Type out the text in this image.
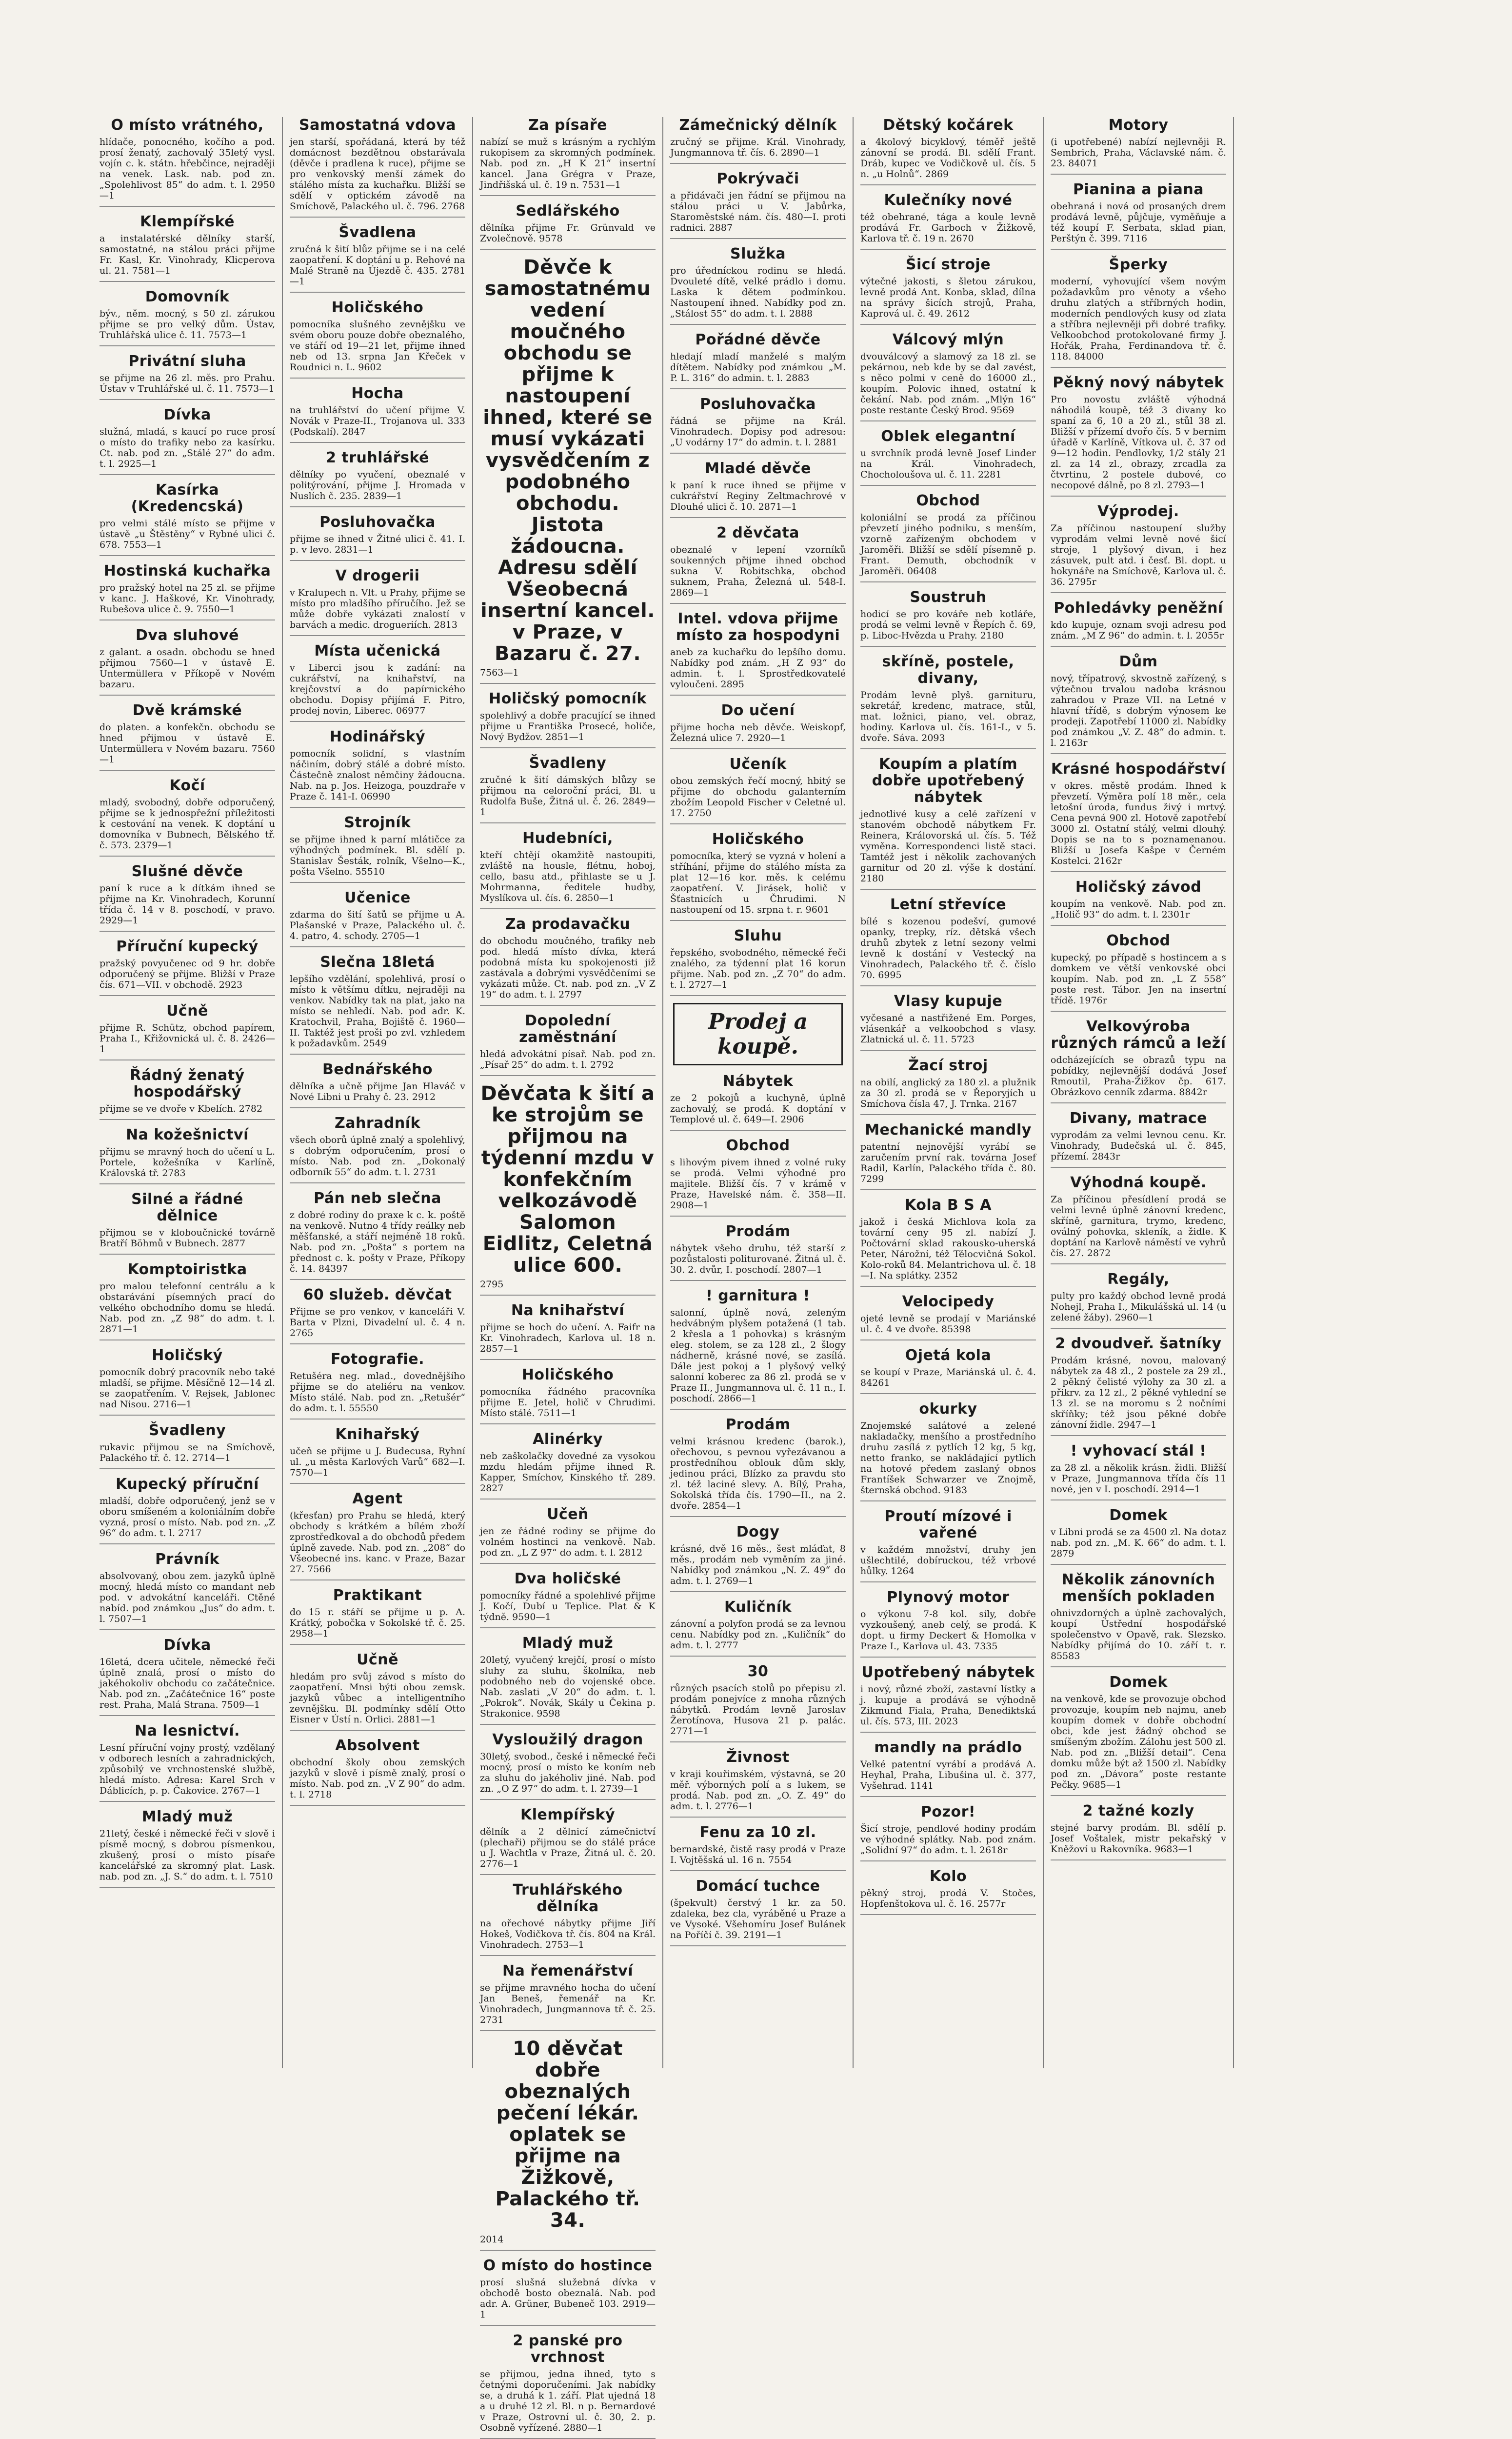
O místo vrátného,

hlídače, ponocného, kočího a pod. prosí ženatý, zachovalý 35letý vysl. vojín c. k. státn. hřebčince, nejraději na venek. Lask. nab. pod zn. „Spolehlivost 85“ do adm. t. l. 2950—1

Klempířské

a instalatérské dělníky starší, samostatné, na stálou práci přijme Fr. Kasl, Kr. Vinohrady, Klicperova ul. 21. 7581—1

Domovník

býv., něm. mocný, s 50 zl. zárukou přijme se pro velký dům. Ústav, Truhlářská ulice č. 11. 7573—1

Privátní sluha

se přijme na 26 zl. měs. pro Prahu. Ústav v Truhlářské ul. č. 11. 7573—1

Dívka

služná, mladá, s kaucí po ruce prosí o místo do trafiky nebo za kasírku. Ct. nab. pod zn. „Stálé 27“ do adm. t. l. 2925—1

Kasírka (Kredencská)

pro velmi stálé místo se přijme v ústavě „u Štěstěny“ v Rybné ulici č. 678. 7553—1

Hostinská kuchařka

pro pražský hotel na 25 zl. se přijme v kanc. J. Haškové, Kr. Vinohrady, Rubešova ulice č. 9. 7550—1

Dva sluhové

z galant. a osadn. obchodu se hned přijmou 7560—1 v ústavě E. Untermüllera v Příkopě v Novém bazaru.

Dvě krámské

do platen. a konfekčn. obchodu se hned přijmou v ústavě E. Untermüllera v Novém bazaru. 7560—1

Kočí

mladý, svobodný, dobře odporučený, přijme se k jednospřežní příležitosti k cestování na venek. K doptání u domovníka v Bubnech, Bělského tř. č. 573. 2379—1

Slušné děvče

paní k ruce a k dítkám ihned se přijme na Kr. Vinohradech, Korunní třída č. 14 v 8. poschodí, v pravo. 2929—1

Příruční kupecký

pražský povyučenec od 9 hr. dobře odporučený se přijme. Bližší v Praze čís. 671—VII. v obchodě. 2923

Učně

přijme R. Schütz, obchod papírem, Praha I., Křižovnická ul. č. 8. 2426—1

Řádný ženatý hospodářský

přijme se ve dvoře v Kbelích. 2782

Na kožešnictví

přijmu se mravný hoch do učení u L. Portele, kožešníka v Karlíně, Královská tř. 2783

Silné a řádné dělnice

přijmou se v kloboučnické továrně Bratří Böhmů v Bubnech. 2877

Komptoiristka

pro malou telefonní centrálu a k obstarávání písemných prací do velkého obchodního domu se hledá. Nab. pod zn. „Z 98“ do adm. t. l. 2871—1

Holičský

pomocník dobrý pracovník nebo také mladší, se přijme. Měsíčně 12—14 zl. se zaopatřením. V. Rejsek, Jablonec nad Nisou. 2716—1

Švadleny

rukavic přijmou se na Smíchově, Palackého tř. č. 12. 2714—1

Kupecký příruční

mladší, dobře odporučený, jenž se v oboru smíšeném a koloniálním dobře vyzná, prosí o místo. Nab. pod zn. „Z 96“ do adm. t. l. 2717

Právník

absolvovaný, obou zem. jazyků úplně mocný, hledá místo co mandant neb pod. v advokátní kanceláři. Ctěné nabíd. pod známkou „Jus“ do adm. t. l. 7507—1

Dívka

16letá, dcera učitele, německé řeči úplně znalá, prosí o místo do jakéhokoliv obchodu co začátečnice. Nab. pod zn. „Začátečnice 16“ poste rest. Praha, Malá Strana. 7509—1

Na lesnictví.

Lesní příruční vojny prostý, vzdělaný v odborech lesních a zahradnických, způsobilý ve vrchnostenské službě, hledá místo. Adresa: Karel Srch v Dáblicích, p. p. Čakovice. 2767—1

Mladý muž

21letý, české i německé řeči v slově i písmě mocný, s dobrou písmenkou, zkušený, prosí o místo písaře kancelářské za skromný plat. Lask. nab. pod zn. „J. S.“ do adm. t. l. 7510

Samostatná vdova

jen starší, spořádaná, která by též domácnost bezdětnou obstarávala (děvče i pradlena k ruce), přijme se pro venkovský menší zámek do stálého místa za kuchařku. Bližší se sdělí v optickém závodě na Smíchově, Palackého ul. č. 796. 2768

Švadlena

zručná k šití blůz přijme se i na celé zaopatření. K doptání u p. Rehové na Malé Straně na Újezdě č. 435. 2781—1

Holičského

pomocníka slušného zevnějšku ve svém oboru pouze dobře obeznalého, ve stáří od 19—21 let, přijme ihned neb od 13. srpna Jan Křeček v Roudnici n. L. 9602

Hocha

na truhlářství do učení přijme V. Novák v Praze-II., Trojanova ul. 333 (Podskalí). 2847

2 truhlářské

dělníky po vyučení, obeznalé v politýrování, přijme J. Hromada v Nuslích č. 235. 2839—1

Posluhovačka

přijme se ihned v Žitné ulici č. 41. I. p. v levo. 2831—1

V drogerii

v Kralupech n. Vlt. u Prahy, přijme se místo pro mladšího příručího. Jež se může dobře vykázati znalostí v barvách a medic. drogueriích. 2813

Místa učenická

v Liberci jsou k zadání: na cukrářství, na knihařství, na krejčovství a do papírnického obchodu. Dopisy přijímá F. Pitro, prodej novin, Liberec. 06977

Hodinářský

pomocník solidní, s vlastním náčiním, dobrý stálé a dobré místo. Částečně znalost němčiny žádoucna. Nab. na p. Jos. Heizoga, pouzdraře v Praze č. 141-I. 06990

Strojník

se přijme ihned k parní mlátičce za výhodných podmínek. Bl. sdělí p. Stanislav Šesták, rolník, Všelno—K., pošta Všelno. 55510

Učenice

zdarma do šití šatů se přijme u A. Plašanské v Praze, Palackého ul. č. 4. patro, 4. schody. 2705—1

Slečna 18letá

lepšího vzdělání, spolehlivá, prosí o místo k většímu dítku, nejraději na venkov. Nabídky tak na plat, jako na místo se nehledí. Nab. pod adr. K. Kratochvil, Praha, Bojiště č. 1960—II. Taktéž jest proši po zvl. vzhledem k požadavkům. 2549

Bednářského

dělníka a učně přijme Jan Hlaváč v Nové Libni u Prahy č. 23. 2912

Zahradník

všech oborů úplně znalý a spolehlivý, s dobrým odporučením, prosí o místo. Nab. pod zn. „Dokonalý odborník 55“ do adm. t. l. 2731

Pán neb slečna

z dobré rodiny do praxe k c. k. poště na venkově. Nutno 4 třídy reálky neb měšťanské, a stáří nejméně 18 roků. Nab. pod zn. „Pošta“ s portem na přednost c. k. pošty v Praze, Příkopy č. 14. 84397

60 služeb. děvčat

Přijme se pro venkov, v kanceláři V. Barta v Plzni, Divadelní ul. č. 4 n. 2765

Fotografie.

Retušéra neg. mlad., dovednějšího přijme se do ateliéru na venkov. Místo stálé. Nab. pod zn. „Retušér“ do adm. t. l. 55550

Knihařský

učeň se přijme u J. Budecusa, Ryhní ul. „u města Karlových Varů“ 682—I. 7570—1

Agent

(křesťan) pro Prahu se hledá, který obchody s krátkém a bílém zboží zprostředkoval a do obchodů předem úplně zavede. Nab. pod zn. „208“ do Všeobecné ins. kanc. v Praze, Bazar 27. 7566

Praktikant

do 15 r. stáří se přijme u p. A. Krátký, pobočka v Sokolské tř. č. 25. 2958—1

Učně

hledám pro svůj závod s místo do zaopatření. Mnsi býti obou zemsk. jazyků vůbec a intelligentního zevnějšku. Bl. podmínky sdělí Otto Eisner v Ústí n. Orlici. 2881—1

Absolvent

obchodní školy obou zemských jazyků v slově i písmě znalý, prosí o místo. Nab. pod zn. „V Z 90“ do adm. t. l. 2718

Za písaře

nabízí se muž s krásným a rychlým rukopisem za skromných podmínek. Nab. pod zn. „H K 21“ insertní kancel. Jana Grégra v Praze, Jindřišská ul. č. 19 n. 7531—1

Sedlářského

dělníka přijme Fr. Grünvald ve Zvolečnově. 9578

Děvče k samostatnému vedení moučného obchodu se přijme k nastoupení ihned, které se musí vykázati vysvědčením z podobného obchodu. Jistota žádoucna. Adresu sdělí Všeobecná insertní kancel. v Praze, v Bazaru č. 27.

7563—1

Holičský pomocník

spolehlivý a dobře pracující se ihned přijme u Františka Prosecé, holiče, Nový Bydžov. 2851—1

Švadleny

zručné k šití dámských blůzy se přijmou na celoroční práci, Bl. u Rudolfa Buše, Žitná ul. č. 26. 2849—1

Hudebníci,

kteří chtějí okamžitě nastoupiti, zvláště na housle, flétnu, hoboj, cello, basu atd., přihlaste se u J. Mohrmanna, ředitele hudby, Myslíkova ul. čís. 6. 2850—1

Za prodavačku

do obchodu moučného, trafiky neb pod. hledá místo dívka, která podobná místa ku spokojenosti již zastávala a dobrými vysvědčeními se vykázati může. Ct. nab. pod zn. „V Z 19“ do adm. t. l. 2797

Dopolední zaměstnání

hledá advokátní písař. Nab. pod zn. „Písař 25“ do adm. t. l. 2792

Děvčata k šití a ke strojům se přijmou na týdenní mzdu v konfekčním velkozávodě Salomon Eidlitz, Celetná ulice 600.

2795

Na knihařství

přijme se hoch do učení. A. Faifr na Kr. Vinohradech, Karlova ul. 18 n. 2857—1

Holičského

pomocníka řádného pracovníka přijme E. Jetel, holič v Chrudimi. Místo stálé. 7511—1

Alinérky

neb zaškolačky dovedné za vysokou mzdu hledám přijme ihned R. Kapper, Smíchov, Kinského tř. 289. 2827

Učeň

jen ze řádné rodiny se přijme do volném hostinci na venkově. Nab. pod zn. „L Z 97“ do adm. t. l. 2812

Dva holičské

pomocníky řádné a spolehlivé přijme J. Kočí, Dubí u Teplice. Plat & K týdně. 9590—1

Mladý muž

20letý, vyučený krejčí, prosí o místo sluhy za sluhu, školníka, neb podobného neb do vojenské obce. Nab. zaslati „V 20“ do adm. t. l. „Pokrok“. Novák, Skály u Čekina p. Strakonice. 9598

Vysloužilý dragon

30letý, svobod., české i německé řeči mocný, prosí o místo ke koním neb za sluhu do jakéholiv jiné. Nab. pod zn. „O Z 97“ do adm. t. l. 2739—1

Klempířský

dělník a 2 dělnicí zámečnictví (plechaři) přijmou se do stálé práce u J. Wachtla v Praze, Žitná ul. č. 20. 2776—1

Truhlářského dělníka

na ořechové nábytky přijme Jiří Hokeš, Vodičkova tř. čís. 804 na Král. Vinohradech. 2753—1

Na řemenářství

se přijme mravného hocha do učení Jan Beneš, řemenář na Kr. Vinohradech, Jungmannova tř. č. 25. 2731

10 děvčat dobře obeznalých pečení lékár. oplatek se přijme na Žižkově, Palackého tř. 34.

2014

O místo do hostince

prosí slušná služebná dívka v obchodě bosto obeznalá. Nab. pod adr. A. Grüner, Bubeneč 103. 2919—1

2 panské pro vrchnost

se přijmou, jedna ihned, tyto s četnými doporučeními. Jak nabídky se, a druhá k 1. září. Plat ujedná 18 a u druhé 12 zl. Bl. n p. Bernardové v Praze, Ostrovní ul. č. 30, 2. p. Osobně vyřízené. 2880—1

Zámečnický dělník

zručný se přijme. Král. Vinohrady, Jungmannova tř. čís. 6. 2890—1

Pokrývači

a přidávači jen řádní se přijmou na stálou práci u V. Jabůrka, Staroměstské nám. čís. 480—I. proti radnici. 2887

Služka

pro úředníckou rodinu se hledá. Dvouleté dítě, velké prádlo i domu. Laska k dětem podmínkou. Nastoupení ihned. Nabídky pod zn. „Stálost 55“ do adm. t. l. 2888

Pořádné děvče

hledají mladí manželé s malým dítětem. Nabídky pod známkou „M. P. L. 316“ do admin. t. l. 2883

Posluhovačka

řádná se přijme na Král. Vinohradech. Dopisy pod adresou: „U vodárny 17“ do admin. t. l. 2881

Mladé děvče

k paní k ruce ihned se přijme v cukrářství Reginy Zeltmachrové v Dlouhé ulici č. 10. 2871—1

2 děvčata

obeznalé v lepení vzorníků soukenných přijme ihned obchod sukna V. Robitschka, obchod suknem, Praha, Železná ul. 548-I. 2869—1

Intel. vdova přijme místo za hospodyni

aneb za kuchařku do lepšího domu. Nabídky pod znám. „H Z 93“ do admin. t. l. Sprostředkovatelé vyloučeni. 2895

Do učení

přijme hocha neb děvče. Weiskopf, Železná ulice 7. 2920—1

Učeník

obou zemských řečí mocný, hbitý se přijme do obchodu galanterním zbožím Leopold Fischer v Celetné ul. 17. 2750

Holičského

pomocníka, který se vyzná v holení a stříhání, přijme do stálého místa za plat 12—16 kor. měs. k celému zaopatření. V. Jirásek, holič v Šťastnicích u Čhrudimi. N nastoupení od 15. srpna t. r. 9601

Sluhu

řepského, svobodného, německé řeči znalého, za týdenní plat 16 korun přijme. Nab. pod zn. „Z 70“ do adm. t. l. 2727—1

Prodej a koupě.
Nábytek

ze 2 pokojů a kuchyně, úplně zachovalý, se prodá. K doptání v Templové ul. č. 649—I. 2906

Obchod

s lihovým pivem ihned z volné ruky se prodá. Velmi výhodné pro majitele. Bližší čís. 7 v krámě v Praze, Havelské nám. č. 358—II. 2908—1

Prodám

nábytek všeho druhu, též starší z pozůstalosti politurované. Žitná ul. č. 30. 2. dvůr, I. poschodí. 2807—1

! garnitura !

salonní, úplně nová, zeleným hedvábným plyšem potažená (1 tab. 2 křesla a 1 pohovka) s krásným eleg. stolem, se za 128 zl., 2 šlogy nádherně, krásné nové, se zasílá. Dále jest pokoj a 1 plyšový velký salonní koberec za 86 zl. prodá se v Praze II., Jungmannova ul. č. 11 n., I. poschodí. 2866—1

Prodám

velmi krásnou kredenc (barok.), ořechovou, s pevnou vyřezávanou a prostředníhou oblouk dům skly, jedinou práci, Blízko za pravdu sto zl. též laciné slevy. A. Bílý, Praha, Sokolská třída čís. 1790—II., na 2. dvoře. 2854—1

Dogy

krásné, dvě 16 měs., šest mláďat, 8 měs., prodám neb vyměním za jiné. Nabídky pod známkou „N. Z. 49“ do adm. t. l. 2769—1

Kuličník

zánovní a polyfon prodá se za levnou cenu. Nabídky pod zn. „Kuličník“ do adm. t. l. 2777

30

různých psacích stolů po přepisu zl. prodám ponejvíce z mnoha různých nábytků. Prodám levně Jaroslav Žerotínova, Husova 21 p. palác. 2771—1

Živnost

v kraji kouřimském, výstavná, se 20 měř. výborných polí a s lukem, se prodá. Nab. pod zn. „O. Z. 49“ do adm. t. l. 2776—1

Fenu za 10 zl.

bernardské, čistě rasy prodá v Praze I. Vojtěšská ul. 16 n. 7554

Domácí tuchce

(špekvult) čerstvý 1 kr. za 50. zdaleka, bez cla, vyráběné u Praze a ve Vysoké. Všehomíru Josef Bulánek na Poříčí č. 39. 2191—1

Dětský kočárek

a 4kolový bicyklový, téměř ještě zánovní se prodá. Bl. sdělí Frant. Dráb, kupec ve Vodičkově ul. čís. 5 n. „u Holnů“. 2869

Kulečníky nové

též obehrané, tága a koule levně prodává Fr. Garboch v Žižkově, Karlova tř. č. 19 n. 2670

Šicí stroje

výtečné jakosti, s šletou zárukou, levně prodá Ant. Konba, sklad, dílna na správy šicích strojů, Praha, Kaprová ul. č. 49. 2612

Válcový mlýn

dvouválcový a slamový za 18 zl. se pekárnou, neb kde by se dal zavést, s něco polmi v ceně do 16000 zl., koupím. Polovic ihned, ostatní k čekání. Nab. pod znám. „Mlýn 16“ poste restante Český Brod. 9569

Oblek elegantní

u svrchník prodá levně Josef Linder na Král. Vinohradech, Chocholoušova ul. č. 11. 2281

Obchod

koloniální se prodá za příčinou převzetí jiného podniku, s menším, vzorně zařízeným obchodem v Jaroměři. Bližší se sdělí písemně p. Frant. Demuth, obchodník v Jaroměři. 06408

Soustruh

hodicí se pro kováře neb kotláře, prodá se velmi levně v Řepích č. 69, p. Libоc-Hvězda u Prahy. 2180

skříně, postele, divany,

Prodám levně plyš. garnituru, sekretář, kredenc, matrace, stůl, mat. ložnici, piano, vel. obraz, hodiny. Karlova ul. čís. 161-I., v 5. dvoře. Sáva. 2093

Koupím a platím dobře upotřebený nábytek

jednotlivé kusy a celé zařízení v stanovém obchodě nábytkem Fr. Reinera, Královorská ul. čís. 5. Též vyměna. Korrespondenci listě staci. Tamtéž jest i několik zachovaných garnitur od 20 zl. výše k dostání. 2180

Letní střevíce

bílé s kozenou podešví, gumové opanky, trepky, ríz. dětská všech druhů zbytek z letní sezony velmi levně k dostání v Vestecký na Vinohradech, Palackého tř. č. číslo 70. 6995

Vlasy kupuje

vyčesané a nastřižené Em. Porges, vlásenkář a velkoobchod s vlasy. Zlatnická ul. č. 11. 5723

Žací stroj

na obilí, anglický za 180 zl. a plužnik za 30 zl. prodá se v Řeporyjích u Smíchova čísla 47, J. Trnka. 2167

Mechanické mandly

patentní nejnovější vyrábí se zaručením první rak. továrna Josef Radil, Karlín, Palackého třída č. 80. 7299

Kola B S A

jakož i česká Michlova kola za tovární ceny 95 zl. nabízí J. Počtovární sklad rakousko-uherská Peter, Nárožní, též Tělocvičná Sokol. Kolo-roků 84. Melantrichova ul. č. 18—I. Na splátky. 2352

Velocipedy

ojeté levně se prodají v Mariánské ul. č. 4 ve dvoře. 85398

Ojetá kola

se koupí v Praze, Mariánská ul. č. 4. 84261

okurky

Znojemské salátové a zelené nakladačky, menšího a prostředního druhu zasílá z pytlích 12 kg, 5 kg, netto franko, se nakládající pytlích na hotové předem zaslaný obnos Frantíšek Schwarzer ve Znojmě, šternská obchod. 9183

Proutí mízové i vařené

v každém množství, druhy jen ušlechtilé, dobíruckou, též vrbové hůlky. 1264

Plynový motor

o výkonu 7-8 kol. síly, dobře vyzkoušený, aneb celý, se prodá. K dopt. u firmy Deckert & Homolka v Praze I., Karlova ul. 43. 7335

Upotřebený nábytek

i nový, různé zboží, zastavní lístky a j. kupuje a prodává se výhodně Zikmund Fiala, Praha, Benediktská ul. čís. 573, III. 2023

mandly na prádlo

Velké patentní vyrábí a prodává A. Heyhal, Praha, Libušina ul. č. 377, Vyšehrad. 1141

Pozor!

Šicí stroje, pendlové hodiny prodám ve výhodné splátky. Nab. pod znám. „Solidní 97“ do adm. t. l. 2618r

Kolo

pěkný stroj, prodá V. Stočes, Hopfenštokova ul. č. 16. 2577r

Motory

(i upotřebené) nabízí nejlevněji R. Sembrich, Praha, Václavské nám. č. 23. 84071

Pianina a piana

obehraná i nová od prosaných drem prodává levně, půjčuje, vyměňuje a též koupí F. Serbata, sklad pian, Perštýn č. 399. 7116

Šperky

moderní, vyhovující všem novým požadavkům pro věnoty a všeho druhu zlatých a stříbrných hodin, moderních pendlových kusy od zlata a stříbra nejlevněji při dobré trafiky. Velkoobchod protokolované firmy J. Hořák, Praha, Ferdinandova tř. č. 118. 84000

Pěkný nový nábytek

Pro novostu zvláště výhodná náhodilá koupě, též 3 divany ko spaní za 6, 10 a 20 zl., stůl 38 zl. Bližší v přízemí dvořo čís. 5 v bernim úřadě v Karlíně, Vítkova ul. č. 37 od 9—12 hodin. Pendlovky, 1/2 stály 21 zl. za 14 zl., obrazy, zrcadla za čtvrtinu, 2 postele dubové, co necopové dálně, po 8 zl. 2793—1

Výprodej.

Za příčinou nastoupení služby vyprodám velmi levně nové šicí stroje, 1 plyšový divan, i hez zásuvek, pult atd. i česť. Bl. dopt. u hokynáře na Smíchově, Karlova ul. č. 36. 2795r

Pohledávky peněžní

kdo kupuje, oznam svoji adresu pod znám. „M Z 96“ do admin. t. l. 2055r

Dům

nový, třípatrový, skvostně zařízený, s výtečnou trvalou nadoba krásnou zahradou v Praze VII. na Letné v hlavní třídě, s dobrým výnosem ke prodeji. Zapotřebí 11000 zl. Nabídky pod známkou „V. Z. 48“ do admin. t. l. 2163r

Krásné hospodářství

v okres. městě prodám. Ihned k převzetí. Výměra polí 18 měr., cela letošní úroda, fundus živý i mrtvý. Cena pevná 900 zl. Hotově zapotřebí 3000 zl. Ostatní stálý, velmi dlouhý. Dopis se na to s poznamenanou. Bližší u Josefa Kašpe v Černém Kostelci. 2162r

Holičský závod

koupím na venkově. Nab. pod zn. „Holič 93“ do adm. t. l. 2301r

Obchod

kupecký, po případě s hostincem a s domkem ve větší venkovské obci koupím. Nab. pod zn. „L Z 558“ poste rest. Tábor. Jen na insertní třídě. 1976r

Velkovýroba různých rámců a leží

odcházejících se obrazů typu na pobídky, nejlevnější dodává Josef Rmoutil, Praha-Žižkov čp. 617. Obrázkovo cenník zdarma. 8842r

Divany, matrace

vyprodám za velmi levnou cenu. Kr. Vinohrady, Budečská ul. č. 845, přízemí. 2843r

Výhodná koupě.

Za příčinou přesídlení prodá se velmi levně úplně zánovní kredenc, skříně, garnitura, trymo, kredenc, oválný pohovka, skleník, a židle. K doptání na Karlově náměstí ve vyhrů čís. 27. 2872

Regály,

pulty pro každý obchod levně prodá Nohejl, Praha I., Mikulášská ul. 14 (u zelené žáby). 2960—1

2 dvoudveř. šatníky

Prodám krásné, novou, malovaný nábytek za 48 zl., 2 postele za 29 zl., 2 pěkný čelisté výlohy za 30 zl. a přikrv. za 12 zl., 2 pěkné vyhlední se 13 zl. se na moromu s 2 nočními skříňky; též jsou pěkné dobře zánovní židle. 2947—1

! vyhovací stál !

za 28 zl. a několik krásn. židli. Bližší v Praze, Jungmannova třída čís 11 nové, jen v I. poschodí. 2914—1

Domek

v Libni prodá se za 4500 zl. Na dotaz nab. pod zn. „M. K. 66“ do adm. t. l. 2879

Několik zánovních menších pokladen

ohnivzdorných a úplně zachovalých, koupí Ústřední hospodářské společenstvo v Opavě, rak. Slezsko. Nabídky přijímá do 10. září t. r. 85583

Domek

na venkově, kde se provozuje obchod provozuje, koupím neb najmu, aneb koupím domek v dobře obchodní obci, kde jest žádný obchod se smíšeným zbožím. Zálohu jest 500 zl. Nab. pod zn. „Bližší detail“. Cena domku může být až 1500 zl. Nabídky pod zn. „Dávora“ poste restante Pečky. 9685—1

2 tažné kozly

stejné barvy prodám. Bl. sdělí p. Josef Voštalek, mistr pekařský v Kněžoví u Rakovníka. 9683—1
